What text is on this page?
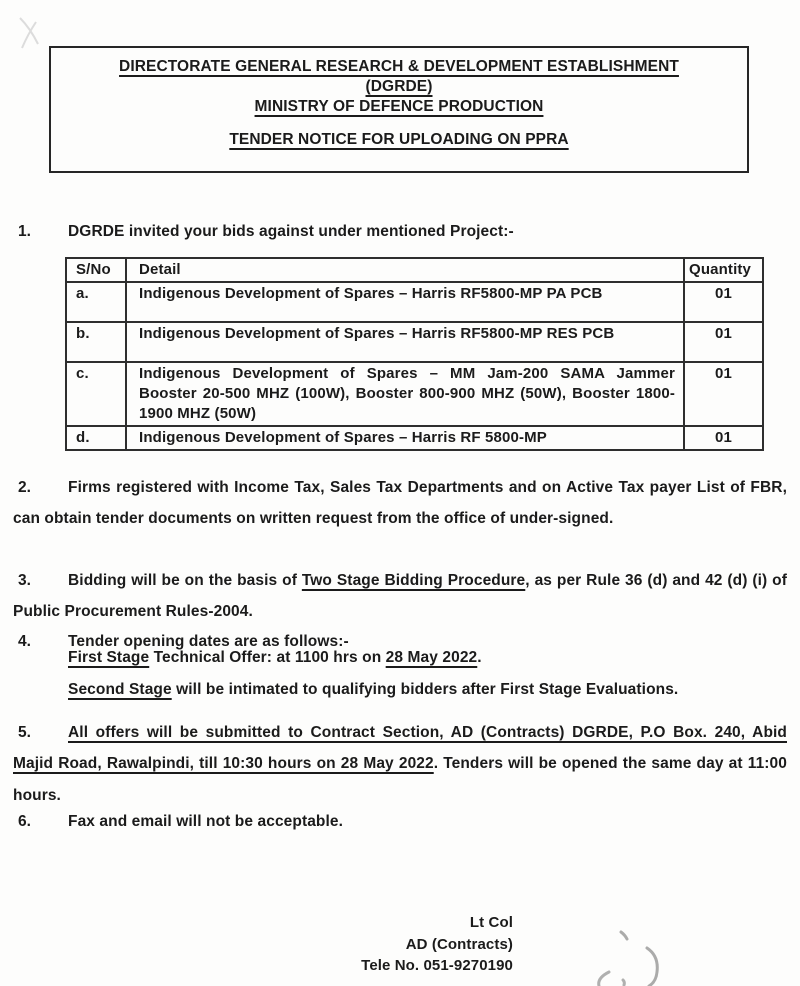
DIRECTORATE GENERAL RESEARCH & DEVELOPMENT ESTABLISHMENT
(DGRDE)
MINISTRY OF DEFENCE PRODUCTION
TENDER NOTICE FOR UPLOADING ON PPRA

1. DGRDE invited your bids against under mentioned Project:-

S/No	Detail	Quantity
a.	Indigenous Development of Spares – Harris RF5800-MP PA PCB	01
b.	Indigenous Development of Spares – Harris RF5800-MP RES PCB	01
c.	Indigenous Development of Spares – MM Jam-200 SAMA Jammer Booster 20-500 MHZ (100W), Booster 800-900 MHZ (50W), Booster 1800-1900 MHZ (50W)	01
d.	Indigenous Development of Spares – Harris RF 5800-MP	01

2. Firms registered with Income Tax, Sales Tax Departments and on Active Tax payer List of FBR, can obtain tender documents on written request from the office of under-signed.

3. Bidding will be on the basis of Two Stage Bidding Procedure, as per Rule 36 (d) and 42 (d) (i) of Public Procurement Rules-2004.

4. Tender opening dates are as follows:-

First Stage Technical Offer: at 1100 hrs on 28 May 2022.
Second Stage will be intimated to qualifying bidders after First Stage Evaluations.

5. All offers will be submitted to Contract Section, AD (Contracts) DGRDE, P.O Box. 240, Abid Majid Road, Rawalpindi, till 10:30 hours on 28 May 2022. Tenders will be opened the same day at 11:00 hours.

6. Fax and email will not be acceptable.

Lt Col
AD (Contracts)
Tele No. 051-9270190
